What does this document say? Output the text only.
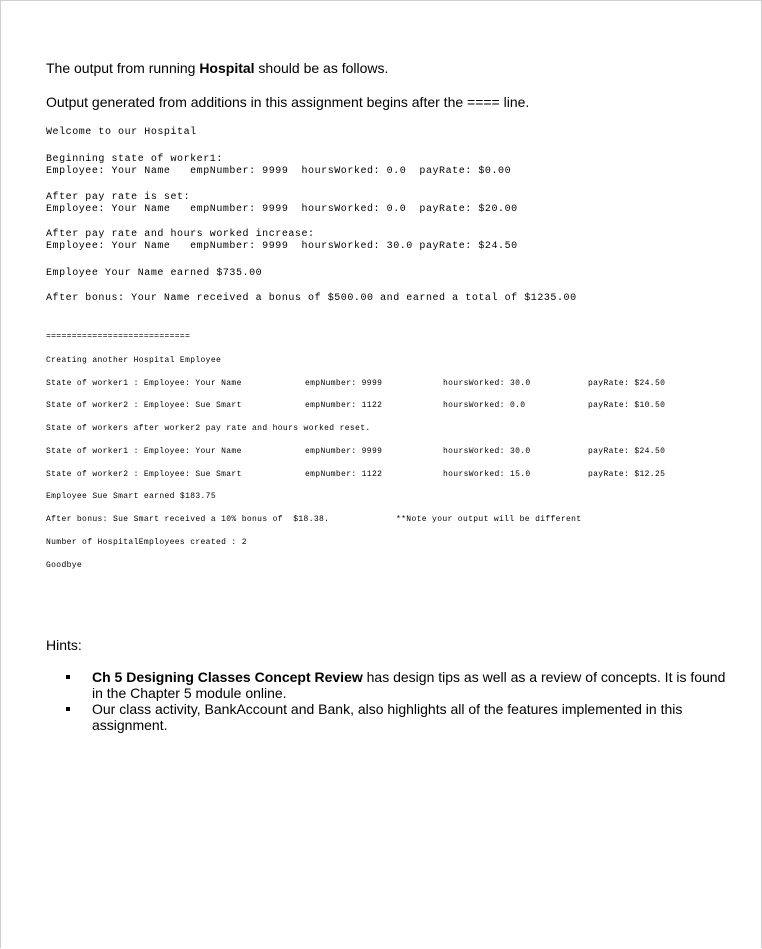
The output from running Hospital should be as follows.
Output generated from additions in this assignment begins after the ==== line.
Welcome to our Hospital
Beginning state of worker1:
Employee: Your Name   empNumber: 9999  hoursWorked: 0.0  payRate: $0.00
After pay rate is set:
Employee: Your Name   empNumber: 9999  hoursWorked: 0.0  payRate: $20.00
After pay rate and hours worked increase:
Employee: Your Name   empNumber: 9999  hoursWorked: 30.0 payRate: $24.50
Employee Your Name earned $735.00
After bonus: Your Name received a bonus of $500.00 and earned a total of $1235.00
============================
Creating another Hospital Employee
State of worker1 : Employee: Your Name	empNumber: 9999	hoursWorked: 30.0	payRate: $24.50
State of worker2 : Employee: Sue Smart	empNumber: 1122	hoursWorked: 0.0	payRate: $10.50
State of workers after worker2 pay rate and hours worked reset.
State of worker1 : Employee: Your Name	empNumber: 9999	hoursWorked: 30.0	payRate: $24.50
State of worker2 : Employee: Sue Smart	empNumber: 1122	hoursWorked: 15.0	payRate: $12.25
Employee Sue Smart earned $183.75
After bonus: Sue Smart received a 10% bonus of  $18.38.	**Note your output will be different
Number of HospitalEmployees created : 2
Goodbye
Hints:
Ch 5 Designing Classes Concept Review has design tips as well as a review of concepts. It is found in the Chapter 5 module online.
Our class activity, BankAccount and Bank, also highlights all of the features implemented in this assignment.
